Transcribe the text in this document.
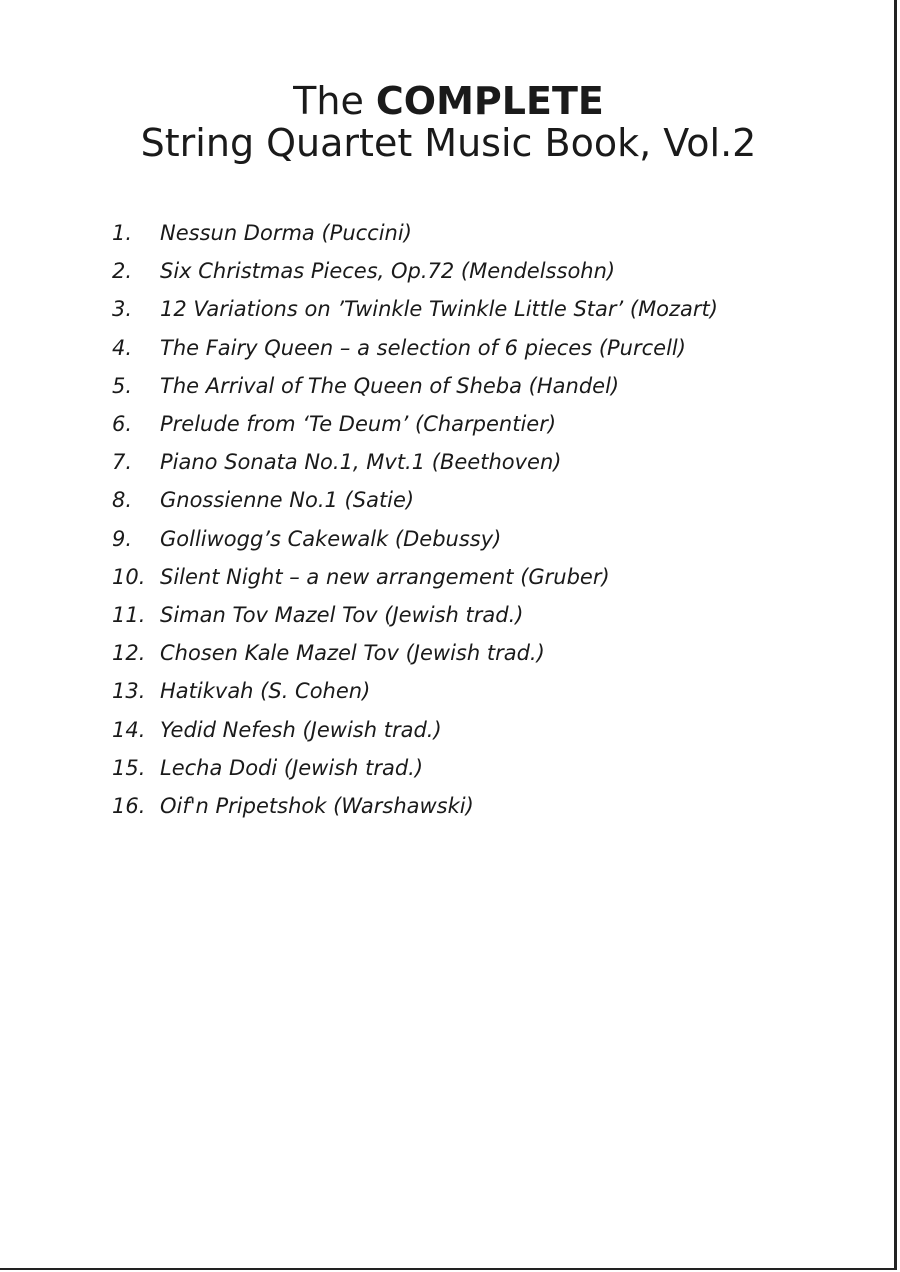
The COMPLETE
String Quartet Music Book, Vol.2
1.	Nessun Dorma (Puccini)
2.	Six Christmas Pieces, Op.72 (Mendelssohn)
3.	12 Variations on ’Twinkle Twinkle Little Star’ (Mozart)
4.	The Fairy Queen – a selection of 6 pieces (Purcell)
5.	The Arrival of The Queen of Sheba (Handel)
6.	Prelude from ‘Te Deum’ (Charpentier)
7.	Piano Sonata No.1, Mvt.1 (Beethoven)
8.	Gnossienne No.1 (Satie)
9.	Golliwogg’s Cakewalk (Debussy)
10. Silent Night – a new arrangement (Gruber)
11. Siman Tov Mazel Tov (Jewish trad.)
12. Chosen Kale Mazel Tov (Jewish trad.)
13. Hatikvah (S. Cohen)
14. Yedid Nefesh (Jewish trad.)
15. Lecha Dodi (Jewish trad.)
16. Oif'n Pripetshok (Warshawski)
